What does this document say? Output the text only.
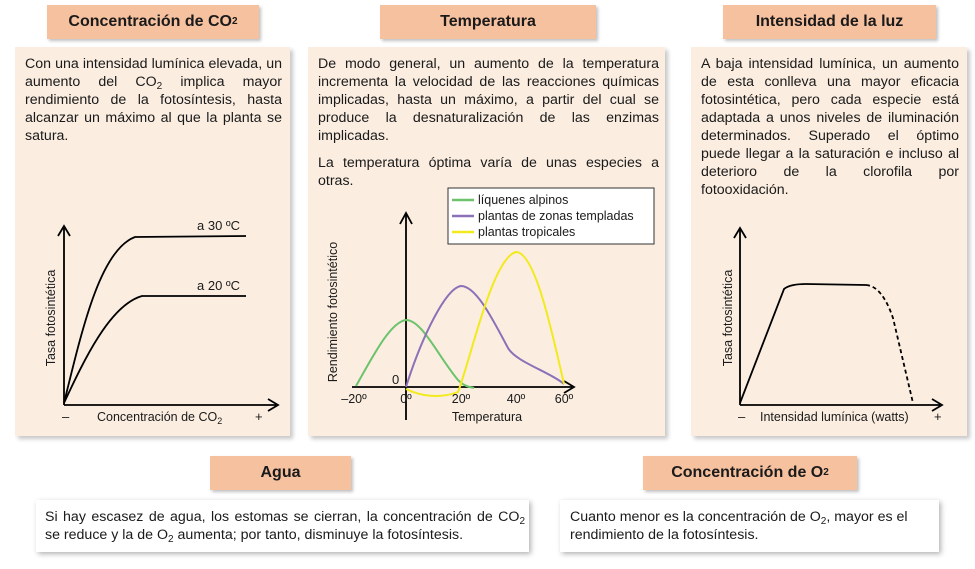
Concentración de CO 2
Con una intensidad lumínica elevada, un aumento del $CO_2$ implica mayor rendimiento de la fotosíntesis, hasta alcanzar un máximo al que la planta se satura.
a 30 ºC
a 20 ºC
Tasa fotosintética
– Concentración de $CO_2$	+
Temperatura

De modo general, un aumento de la temperatura incrementa la velocidad de las reacciones químicas implicadas, hasta un máximo, a partir del cual se produce la desnaturalización de las enzimas implicadas.

La temperatura óptima varía de unas especies a otras.

–20º	0º	20º	40º 60º
0
Rendimiento fotosintético
Temperatura
líquenes alpinos
plantas de zonas templadas
plantas tropicales
Intensidad de la luz
A baja intensidad lumínica, un aumento de esta conlleva una mayor eficacia fotosintética, pero cada especie está adaptada a unos niveles de iluminación determinados. Superado el óptimo puede llegar a la saturación e incluso al deterioro de la clorofila por fotooxidación.
Tasa fotosintética
– Intensidad lumínica (watts) +
Agua
Si hay escasez de agua, los estomas se cierran, la concentración de $CO_2$ se reduce y la de $O_2$ aumenta; por tanto, disminuye la fotosíntesis.
Concentración de O 2
Cuanto menor es la concentración de $O_2$, mayor es el rendimiento de la fotosíntesis.
